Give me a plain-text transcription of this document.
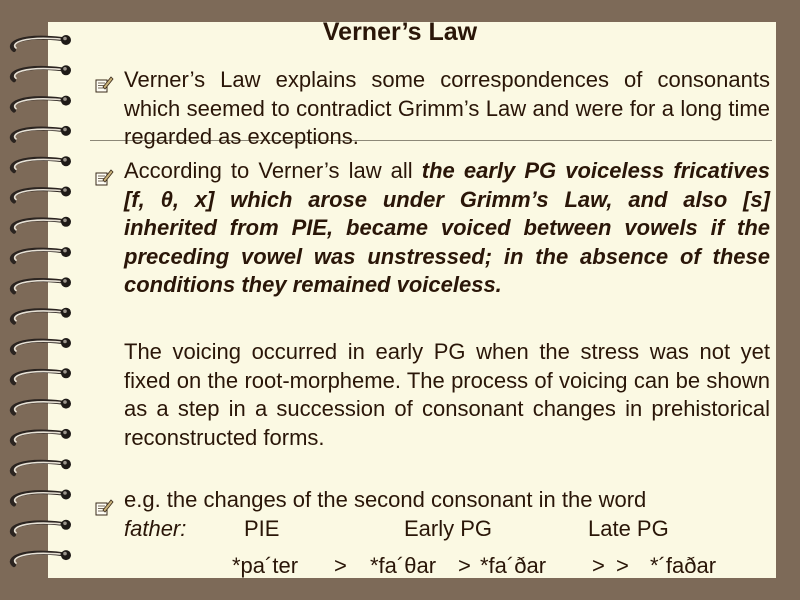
Verner’s Law
Verner’s Law explains some correspondences of consonants which seemed to contradict Grimm’s Law and were for a long time regarded as exceptions.
According to Verner’s law all the early PG voiceless fricatives [f, θ, x] which arose under Grimm’s Law, and also [s] inherited from PIE, became voiced between vowels if the preceding vowel was unstressed; in the absence of these conditions they remained voiceless.
The voicing occurred in early PG when the stress was not yet fixed on the root-morpheme. The process of voicing can be shown as a step in a succession of consonant changes in prehistorical reconstructed forms.
e.g. the changes of the second consonant in the word
father:	PIE	Early PG	Late PG
*pa´ter > *fa´θar > *fa´ðar > > *´faðar
